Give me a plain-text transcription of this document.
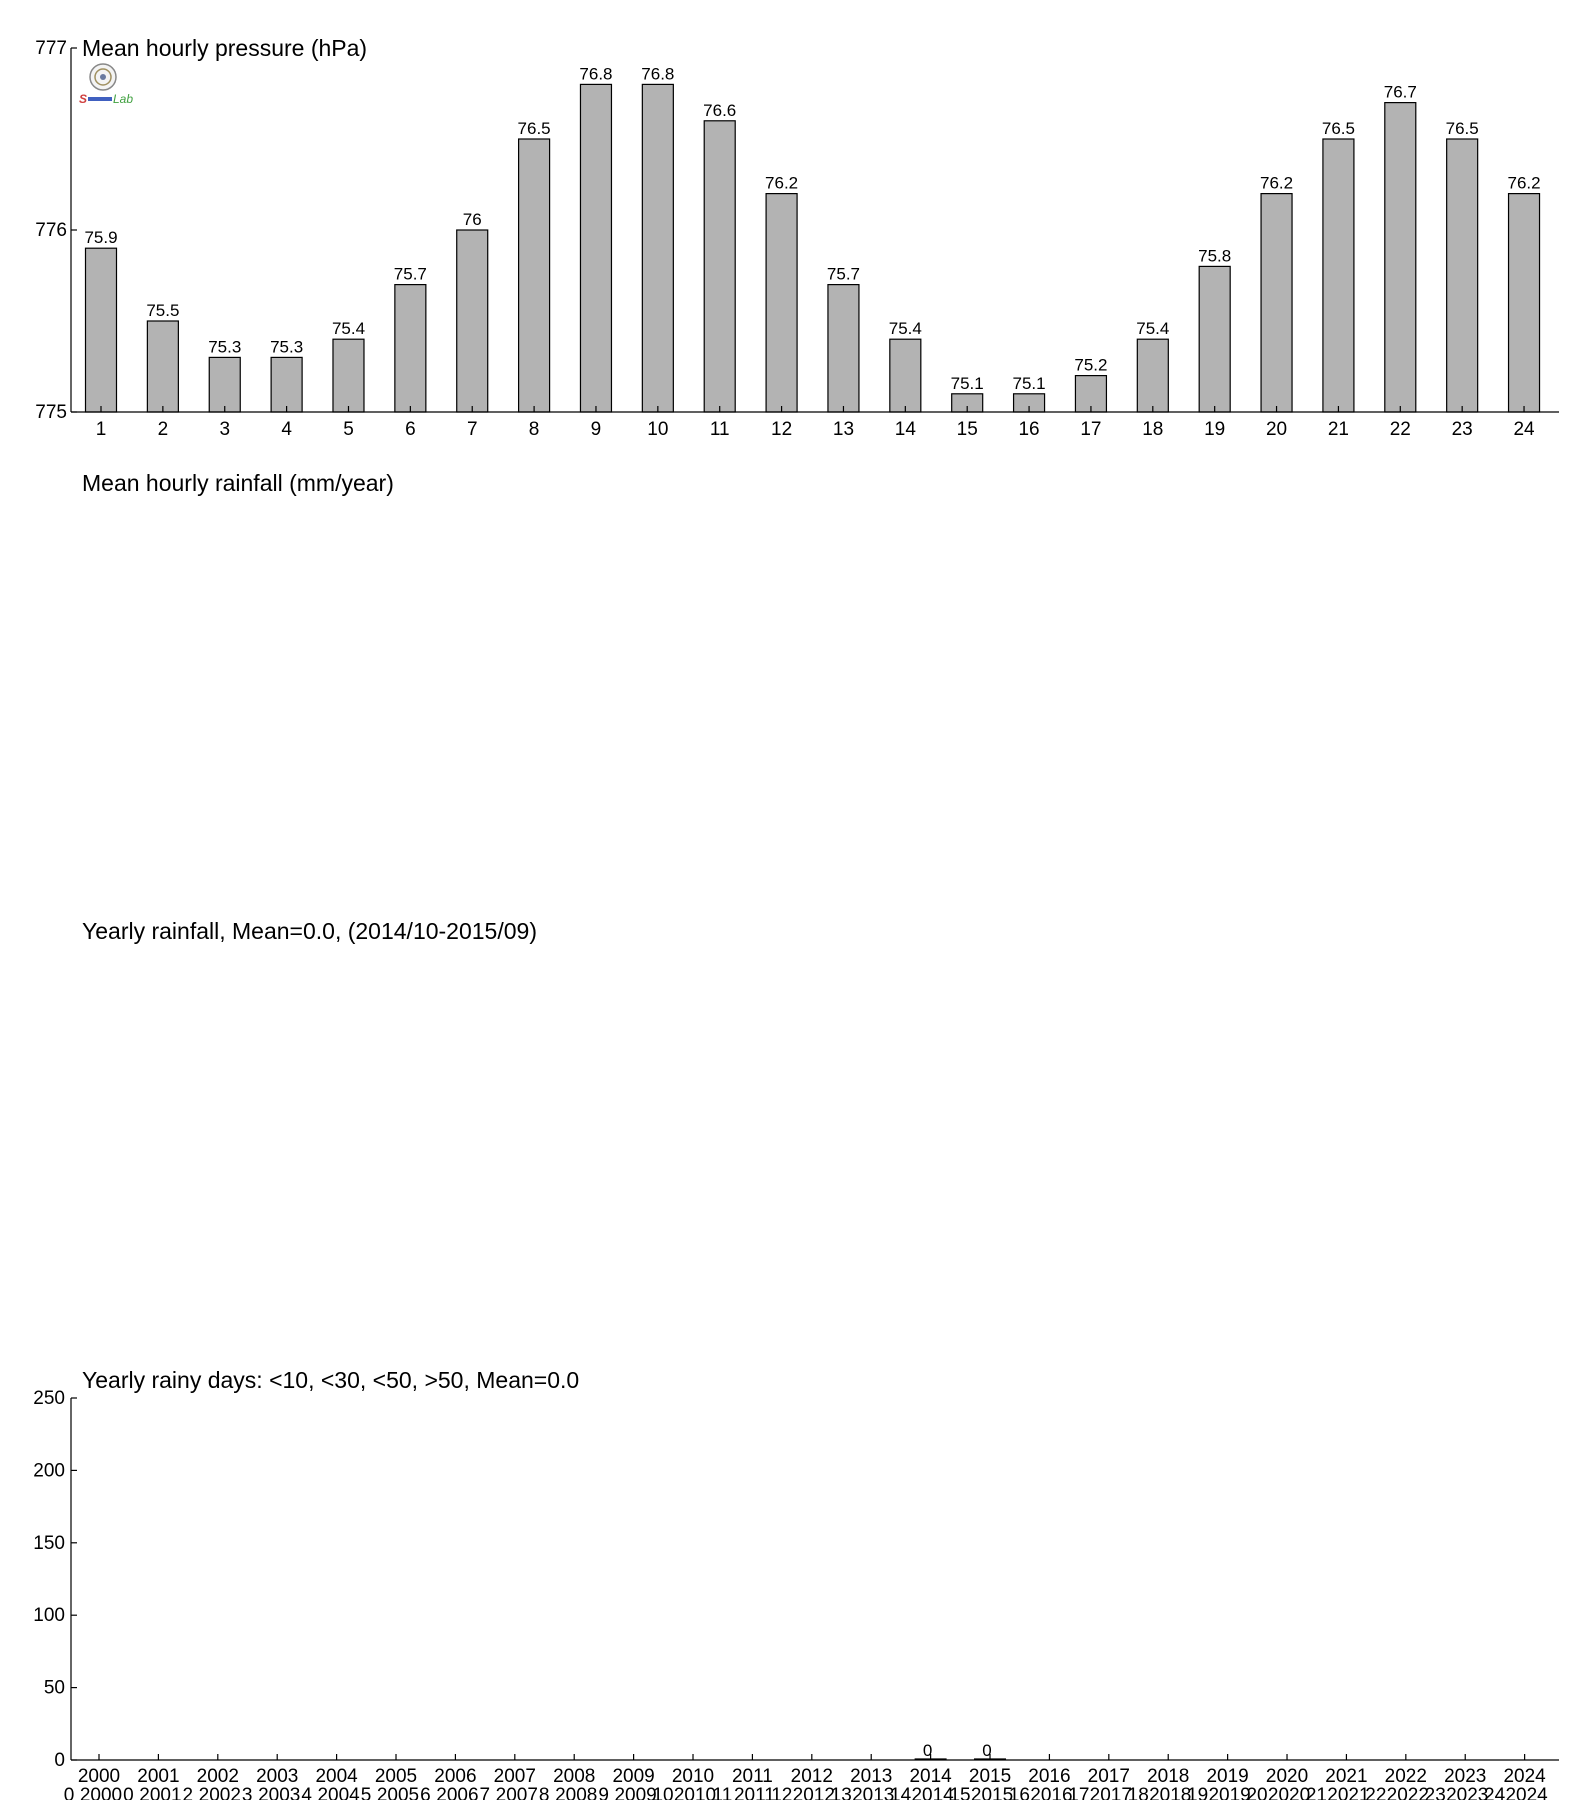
Mean hourly pressure (hPa)
S Lab
75.9
75.5
75.3 75.3
75.4
75.7
76
76.5
76.8 76.8
76.6
76.2
75.7
75.4
75.1 75.1
75.2
75.4
75.8
76.2
76.5
76.7
76.5
76.2
1	2	3	4	5	6	7	8	9 10 11 12 13 14 15 16 17 18 19 20 21 22 23 24
775
776
777
Mean hourly rainfall (mm/year)
Yearly rainfall, Mean=0.0, (2014/10-2015/09)
Yearly rainy days: <10, <30, <50, >50, Mean=0.0
0
50
100
150
200
250
2000 2001 2002 2003 2004 2005 2006 2007 2008 2009 2010 2011 2012 2013 2014
0
2015
0
2016 2017 2018 2019 2020 2021 2022 2023 2024
0 2000 0 2001 2 2002 3 2003 4 2004 5 2005 6 2006 7 2007 8 2008 9 2009
10 2010
11 2011
12 2012
13 2013
14 2014
15 2015
16 2016
17 2017
18 2018
19 2019
20 2020
21 2021
22 2022
23 2023
24 2024
